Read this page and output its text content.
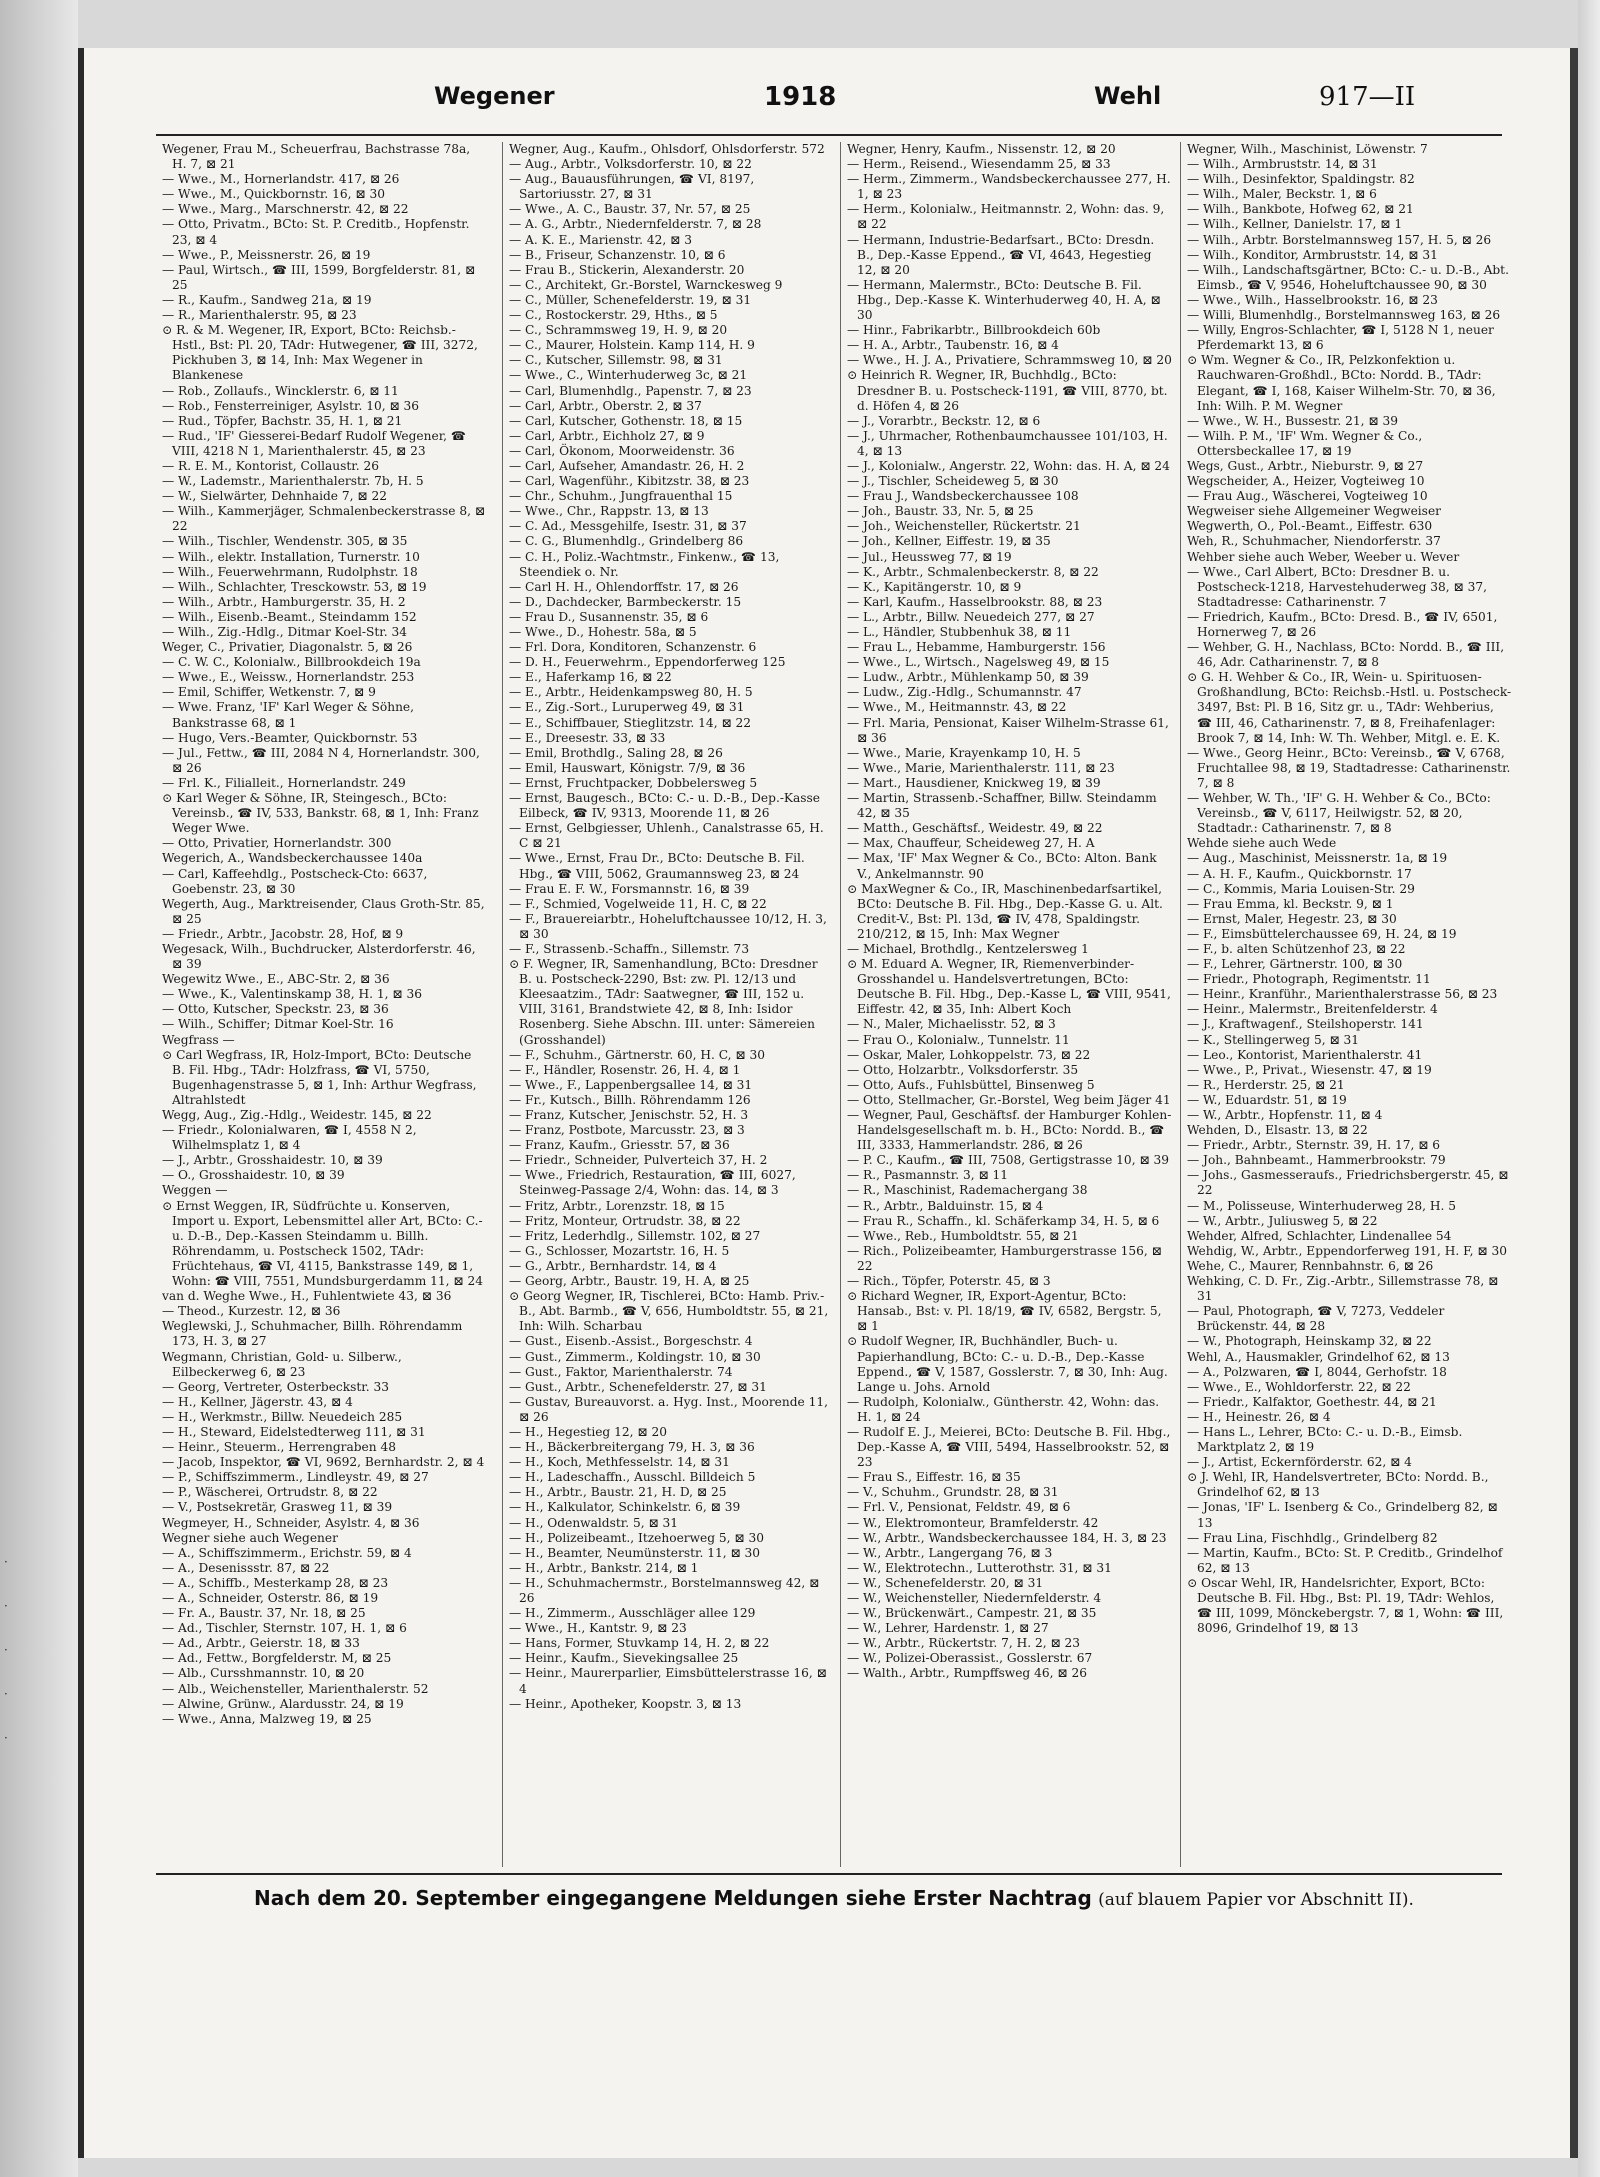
·
·
·
·
·
Wegener	1918	Wehl	917—II

Wegener, Frau M., Scheuerfrau, Bachstrasse 78a, H. 7, ⊠ 21

— Wwe., M., Hornerlandstr. 417, ⊠ 26

— Wwe., M., Quickbornstr. 16, ⊠ 30

— Wwe., Marg., Marschnerstr. 42, ⊠ 22

— Otto, Privatm., BCto: St. P. Creditb., Hopfenstr. 23, ⊠ 4

— Wwe., P., Meissnerstr. 26, ⊠ 19

— Paul, Wirtsch., ☎ III, 1599, Borgfelderstr. 81, ⊠ 25

— R., Kaufm., Sandweg 21a, ⊠ 19

— R., Marienthalerstr. 95, ⊠ 23

⊙ R. & M. Wegener, IR, Export, BCto: Reichsb.-Hstl., Bst: Pl. 20, TAdr: Hutwegener, ☎ III, 3272, Pickhuben 3, ⊠ 14, Inh: Max Wegener in Blankenese

— Rob., Zollaufs., Wincklerstr. 6, ⊠ 11

— Rob., Fensterreiniger, Asylstr. 10, ⊠ 36

— Rud., Töpfer, Bachstr. 35, H. 1, ⊠ 21

— Rud., 'IF' Giesserei-Bedarf Rudolf Wegener, ☎ VIII, 4218 N 1, Marienthalerstr. 45, ⊠ 23

— R. E. M., Kontorist, Collaustr. 26

— W., Lademstr., Marienthalerstr. 7b, H. 5

— W., Sielwärter, Dehnhaide 7, ⊠ 22

— Wilh., Kammerjäger, Schmalenbeckerstrasse 8, ⊠ 22

— Wilh., Tischler, Wendenstr. 305, ⊠ 35

— Wilh., elektr. Installation, Turnerstr. 10

— Wilh., Feuerwehrmann, Rudolphstr. 18

— Wilh., Schlachter, Tresckowstr. 53, ⊠ 19

— Wilh., Arbtr., Hamburgerstr. 35, H. 2

— Wilh., Eisenb.-Beamt., Steindamm 152

— Wilh., Zig.-Hdlg., Ditmar Koel-Str. 34

Weger, C., Privatier, Diagonalstr. 5, ⊠ 26

— C. W. C., Kolonialw., Billbrookdeich 19a

— Wwe., E., Weissw., Hornerlandstr. 253

— Emil, Schiffer, Wetkenstr. 7, ⊠ 9

— Wwe. Franz, 'IF' Karl Weger & Söhne, Bankstrasse 68, ⊠ 1

— Hugo, Vers.-Beamter, Quickbornstr. 53

— Jul., Fettw., ☎ III, 2084 N 4, Hornerlandstr. 300, ⊠ 26

— Frl. K., Filialleit., Hornerlandstr. 249

⊙ Karl Weger & Söhne, IR, Steingesch., BCto: Vereinsb., ☎ IV, 533, Bankstr. 68, ⊠ 1, Inh: Franz Weger Wwe.

— Otto, Privatier, Hornerlandstr. 300

Wegerich, A., Wandsbeckerchaussee 140a

— Carl, Kaffeehdlg., Postscheck-Cto: 6637, Goebenstr. 23, ⊠ 30

Wegerth, Aug., Marktreisender, Claus Groth-Str. 85, ⊠ 25

— Friedr., Arbtr., Jacobstr. 28, Hof, ⊠ 9

Wegesack, Wilh., Buchdrucker, Alsterdorferstr. 46, ⊠ 39

Wegewitz Wwe., E., ABC-Str. 2, ⊠ 36

— Wwe., K., Valentinskamp 38, H. 1, ⊠ 36

— Otto, Kutscher, Speckstr. 23, ⊠ 36

— Wilh., Schiffer; Ditmar Koel-Str. 16

Wegfrass —

⊙ Carl Wegfrass, IR, Holz-Import, BCto: Deutsche B. Fil. Hbg., TAdr: Holzfrass, ☎ VI, 5750, Bugenhagenstrasse 5, ⊠ 1, Inh: Arthur Wegfrass, Altrahlstedt

Wegg, Aug., Zig.-Hdlg., Weidestr. 145, ⊠ 22

— Friedr., Kolonialwaren, ☎ I, 4558 N 2, Wilhelmsplatz 1, ⊠ 4

— J., Arbtr., Grosshaidestr. 10, ⊠ 39

— O., Grosshaidestr. 10, ⊠ 39

Weggen —

⊙ Ernst Weggen, IR, Südfrüchte u. Konserven, Import u. Export, Lebensmittel aller Art, BCto: C.- u. D.-B., Dep.-Kassen Steindamm u. Billh. Röhrendamm, u. Postscheck 1502, TAdr: Früchtehaus, ☎ VI, 4115, Bankstrasse 149, ⊠ 1, Wohn: ☎ VIII, 7551, Mundsburgerdamm 11, ⊠ 24

van d. Weghe Wwe., H., Fuhlentwiete 43, ⊠ 36

— Theod., Kurzestr. 12, ⊠ 36

Weglewski, J., Schuhmacher, Billh. Röhrendamm 173, H. 3, ⊠ 27

Wegmann, Christian, Gold- u. Silberw., Eilbeckerweg 6, ⊠ 23

— Georg, Vertreter, Osterbeckstr. 33

— H., Kellner, Jägerstr. 43, ⊠ 4

— H., Werkmstr., Billw. Neuedeich 285

— H., Steward, Eidelstedterweg 111, ⊠ 31

— Heinr., Steuerm., Herrengraben 48

— Jacob, Inspektor, ☎ VI, 9692, Bernhardstr. 2, ⊠ 4

— P., Schiffszimmerm., Lindleystr. 49, ⊠ 27

— P., Wäscherei, Ortrudstr. 8, ⊠ 22

— V., Postsekretär, Grasweg 11, ⊠ 39

Wegmeyer, H., Schneider, Asylstr. 4, ⊠ 36

Wegner siehe auch Wegener

— A., Schiffszimmerm., Erichstr. 59, ⊠ 4

— A., Desenissstr. 87, ⊠ 22

— A., Schiffb., Mesterkamp 28, ⊠ 23

— A., Schneider, Osterstr. 86, ⊠ 19

— Fr. A., Baustr. 37, Nr. 18, ⊠ 25

— Ad., Tischler, Sternstr. 107, H. 1, ⊠ 6

— Ad., Arbtr., Geierstr. 18, ⊠ 33

— Ad., Fettw., Borgfelderstr. M, ⊠ 25

— Alb., Cursshmannstr. 10, ⊠ 20

— Alb., Weichensteller, Marienthalerstr. 52

— Alwine, Grünw., Alardusstr. 24, ⊠ 19

— Wwe., Anna, Malzweg 19, ⊠ 25

Wegner, Aug., Kaufm., Ohlsdorf, Ohlsdorferstr. 572

— Aug., Arbtr., Volksdorferstr. 10, ⊠ 22

— Aug., Bauausführungen, ☎ VI, 8197, Sartoriusstr. 27, ⊠ 31

— Wwe., A. C., Baustr. 37, Nr. 57, ⊠ 25

— A. G., Arbtr., Niedernfelderstr. 7, ⊠ 28

— A. K. E., Marienstr. 42, ⊠ 3

— B., Friseur, Schanzenstr. 10, ⊠ 6

— Frau B., Stickerin, Alexanderstr. 20

— C., Architekt, Gr.-Borstel, Warnckesweg 9

— C., Müller, Schenefelderstr. 19, ⊠ 31

— C., Rostockerstr. 29, Hths., ⊠ 5

— C., Schrammsweg 19, H. 9, ⊠ 20

— C., Maurer, Holstein. Kamp 114, H. 9

— C., Kutscher, Sillemstr. 98, ⊠ 31

— Wwe., C., Winterhuderweg 3c, ⊠ 21

— Carl, Blumenhdlg., Papenstr. 7, ⊠ 23

— Carl, Arbtr., Oberstr. 2, ⊠ 37

— Carl, Kutscher, Gothenstr. 18, ⊠ 15

— Carl, Arbtr., Eichholz 27, ⊠ 9

— Carl, Ökonom, Moorweidenstr. 36

— Carl, Aufseher, Amandastr. 26, H. 2

— Carl, Wagenführ., Kibitzstr. 38, ⊠ 23

— Chr., Schuhm., Jungfrauenthal 15

— Wwe., Chr., Rappstr. 13, ⊠ 13

— C. Ad., Messgehilfe, Isestr. 31, ⊠ 37

— C. G., Blumenhdlg., Grindelberg 86

— C. H., Poliz.-Wachtmstr., Finkenw., ☎ 13, Steendiek o. Nr.

— Carl H. H., Ohlendorffstr. 17, ⊠ 26

— D., Dachdecker, Barmbeckerstr. 15

— Frau D., Susannenstr. 35, ⊠ 6

— Wwe., D., Hohestr. 58a, ⊠ 5

— Frl. Dora, Konditoren, Schanzenstr. 6

— D. H., Feuerwehrm., Eppendorferweg 125

— E., Haferkamp 16, ⊠ 22

— E., Arbtr., Heidenkampsweg 80, H. 5

— E., Zig.-Sort., Luruperweg 49, ⊠ 31

— E., Schiffbauer, Stieglitzstr. 14, ⊠ 22

— E., Dreesestr. 33, ⊠ 33

— Emil, Brothdlg., Saling 28, ⊠ 26

— Emil, Hauswart, Königstr. 7/9, ⊠ 36

— Ernst, Fruchtpacker, Dobbelersweg 5

— Ernst, Baugesch., BCto: C.- u. D.-B., Dep.-Kasse Eilbeck, ☎ IV, 9313, Moorende 11, ⊠ 26

— Ernst, Gelbgiesser, Uhlenh., Canalstrasse 65, H. C ⊠ 21

— Wwe., Ernst, Frau Dr., BCto: Deutsche B. Fil. Hbg., ☎ VIII, 5062, Graumannsweg 23, ⊠ 24

— Frau E. F. W., Forsmannstr. 16, ⊠ 39

— F., Schmied, Vogelweide 11, H. C, ⊠ 22

— F., Brauereiarbtr., Hoheluftchaussee 10/12, H. 3, ⊠ 30

— F., Strassenb.-Schaffn., Sillemstr. 73

⊙ F. Wegner, IR, Samenhandlung, BCto: Dresdner B. u. Postscheck-2290, Bst: zw. Pl. 12/13 und Kleesaatzim., TAdr: Saatwegner, ☎ III, 152 u. VIII, 3161, Brandstwiete 42, ⊠ 8, Inh: Isidor Rosenberg. Siehe Abschn. III. unter: Sämereien (Grosshandel)

— F., Schuhm., Gärtnerstr. 60, H. C, ⊠ 30

— F., Händler, Rosenstr. 26, H. 4, ⊠ 1

— Wwe., F., Lappenbergsallee 14, ⊠ 31

— Fr., Kutsch., Billh. Röhrendamm 126

— Franz, Kutscher, Jenischstr. 52, H. 3

— Franz, Postbote, Marcusstr. 23, ⊠ 3

— Franz, Kaufm., Griesstr. 57, ⊠ 36

— Friedr., Schneider, Pulverteich 37, H. 2

— Wwe., Friedrich, Restauration, ☎ III, 6027, Steinweg-Passage 2/4, Wohn: das. 14, ⊠ 3

— Fritz, Arbtr., Lorenzstr. 18, ⊠ 15

— Fritz, Monteur, Ortrudstr. 38, ⊠ 22

— Fritz, Lederhdlg., Sillemstr. 102, ⊠ 27

— G., Schlosser, Mozartstr. 16, H. 5

— G., Arbtr., Bernhardstr. 14, ⊠ 4

— Georg, Arbtr., Baustr. 19, H. A, ⊠ 25

⊙ Georg Wegner, IR, Tischlerei, BCto: Hamb. Priv.-B., Abt. Barmb., ☎ V, 656, Humboldtstr. 55, ⊠ 21, Inh: Wilh. Scharbau

— Gust., Eisenb.-Assist., Borgeschstr. 4

— Gust., Zimmerm., Koldingstr. 10, ⊠ 30

— Gust., Faktor, Marienthalerstr. 74

— Gust., Arbtr., Schenefelderstr. 27, ⊠ 31

— Gustav, Bureauvorst. a. Hyg. Inst., Moorende 11, ⊠ 26

— H., Hegestieg 12, ⊠ 20

— H., Bäckerbreitergang 79, H. 3, ⊠ 36

— H., Koch, Methfesselstr. 14, ⊠ 31

— H., Ladeschaffn., Ausschl. Billdeich 5

— H., Arbtr., Baustr. 21, H. D, ⊠ 25

— H., Kalkulator, Schinkelstr. 6, ⊠ 39

— H., Odenwaldstr. 5, ⊠ 31

— H., Polizeibeamt., Itzehoerweg 5, ⊠ 30

— H., Beamter, Neumünsterstr. 11, ⊠ 30

— H., Arbtr., Bankstr. 214, ⊠ 1

— H., Schuhmachermstr., Borstelmannsweg 42, ⊠ 26

— H., Zimmerm., Ausschläger allee 129

— Wwe., H., Kantstr. 9, ⊠ 23

— Hans, Former, Stuvkamp 14, H. 2, ⊠ 22

— Heinr., Kaufm., Sievekingsallee 25

— Heinr., Maurerparlier, Eimsbüttelerstrasse 16, ⊠ 4

— Heinr., Apotheker, Koopstr. 3, ⊠ 13

Wegner, Henry, Kaufm., Nissenstr. 12, ⊠ 20

— Herm., Reisend., Wiesendamm 25, ⊠ 33

— Herm., Zimmerm., Wandsbeckerchaussee 277, H. 1, ⊠ 23

— Herm., Kolonialw., Heitmannstr. 2, Wohn: das. 9, ⊠ 22

— Hermann, Industrie-Bedarfsart., BCto: Dresdn. B., Dep.-Kasse Eppend., ☎ VI, 4643, Hegestieg 12, ⊠ 20

— Hermann, Malermstr., BCto: Deutsche B. Fil. Hbg., Dep.-Kasse K. Winterhuderweg 40, H. A, ⊠ 30

— Hinr., Fabrikarbtr., Billbrookdeich 60b

— H. A., Arbtr., Taubenstr. 16, ⊠ 4

— Wwe., H. J. A., Privatiere, Schrammsweg 10, ⊠ 20

⊙ Heinrich R. Wegner, IR, Buchhdlg., BCto: Dresdner B. u. Postscheck-1191, ☎ VIII, 8770, bt. d. Höfen 4, ⊠ 26

— J., Vorarbtr., Beckstr. 12, ⊠ 6

— J., Uhrmacher, Rothenbaumchaussee 101/103, H. 4, ⊠ 13

— J., Kolonialw., Angerstr. 22, Wohn: das. H. A, ⊠ 24

— J., Tischler, Scheideweg 5, ⊠ 30

— Frau J., Wandsbeckerchaussee 108

— Joh., Baustr. 33, Nr. 5, ⊠ 25

— Joh., Weichensteller, Rückertstr. 21

— Joh., Kellner, Eiffestr. 19, ⊠ 35

— Jul., Heussweg 77, ⊠ 19

— K., Arbtr., Schmalenbeckerstr. 8, ⊠ 22

— K., Kapitängerstr. 10, ⊠ 9

— Karl, Kaufm., Hasselbrookstr. 88, ⊠ 23

— L., Arbtr., Billw. Neuedeich 277, ⊠ 27

— L., Händler, Stubbenhuk 38, ⊠ 11

— Frau L., Hebamme, Hamburgerstr. 156

— Wwe., L., Wirtsch., Nagelsweg 49, ⊠ 15

— Ludw., Arbtr., Mühlenkamp 50, ⊠ 39

— Ludw., Zig.-Hdlg., Schumannstr. 47

— Wwe., M., Heitmannstr. 43, ⊠ 22

— Frl. Maria, Pensionat, Kaiser Wilhelm-Strasse 61, ⊠ 36

— Wwe., Marie, Krayenkamp 10, H. 5

— Wwe., Marie, Marienthalerstr. 111, ⊠ 23

— Mart., Hausdiener, Knickweg 19, ⊠ 39

— Martin, Strassenb.-Schaffner, Billw. Steindamm 42, ⊠ 35

— Matth., Geschäftsf., Weidestr. 49, ⊠ 22

— Max, Chauffeur, Scheideweg 27, H. A

— Max, 'IF' Max Wegner & Co., BCto: Alton. Bank V., Ankelmannstr. 90

⊙ MaxWegner & Co., IR, Maschinenbedarfsartikel, BCto: Deutsche B. Fil. Hbg., Dep.-Kasse G. u. Alt. Credit-V., Bst: Pl. 13d, ☎ IV, 478, Spaldingstr. 210/212, ⊠ 15, Inh: Max Wegner

— Michael, Brothdlg., Kentzelersweg 1

⊙ M. Eduard A. Wegner, IR, Riemenverbinder-Grosshandel u. Handelsvertretungen, BCto: Deutsche B. Fil. Hbg., Dep.-Kasse L, ☎ VIII, 9541, Eiffestr. 42, ⊠ 35, Inh: Albert Koch

— N., Maler, Michaelisstr. 52, ⊠ 3

— Frau O., Kolonialw., Tunnelstr. 11

— Oskar, Maler, Lohkoppelstr. 73, ⊠ 22

— Otto, Holzarbtr., Volksdorferstr. 35

— Otto, Aufs., Fuhlsbüttel, Binsenweg 5

— Otto, Stellmacher, Gr.-Borstel, Weg beim Jäger 41

— Wegner, Paul, Geschäftsf. der Hamburger Kohlen-Handelsgesellschaft m. b. H., BCto: Nordd. B., ☎ III, 3333, Hammerlandstr. 286, ⊠ 26

— P. C., Kaufm., ☎ III, 7508, Gertigstrasse 10, ⊠ 39

— R., Pasmannstr. 3, ⊠ 11

— R., Maschinist, Rademachergang 38

— R., Arbtr., Balduinstr. 15, ⊠ 4

— Frau R., Schaffn., kl. Schäferkamp 34, H. 5, ⊠ 6

— Wwe., Reb., Humboldtstr. 55, ⊠ 21

— Rich., Polizeibeamter, Hamburgerstrasse 156, ⊠ 22

— Rich., Töpfer, Poterstr. 45, ⊠ 3

⊙ Richard Wegner, IR, Export-Agentur, BCto: Hansab., Bst: v. Pl. 18/19, ☎ IV, 6582, Bergstr. 5, ⊠ 1

⊙ Rudolf Wegner, IR, Buchhändler, Buch- u. Papierhandlung, BCto: C.- u. D.-B., Dep.-Kasse Eppend., ☎ V, 1587, Gosslerstr. 7, ⊠ 30, Inh: Aug. Lange u. Johs. Arnold

— Rudolph, Kolonialw., Güntherstr. 42, Wohn: das. H. 1, ⊠ 24

— Rudolf E. J., Meierei, BCto: Deutsche B. Fil. Hbg., Dep.-Kasse A, ☎ VIII, 5494, Hasselbrookstr. 52, ⊠ 23

— Frau S., Eiffestr. 16, ⊠ 35

— V., Schuhm., Grundstr. 28, ⊠ 31

— Frl. V., Pensionat, Feldstr. 49, ⊠ 6

— W., Elektromonteur, Bramfelderstr. 42

— W., Arbtr., Wandsbeckerchaussee 184, H. 3, ⊠ 23

— W., Arbtr., Langergang 76, ⊠ 3

— W., Elektrotechn., Lutterothstr. 31, ⊠ 31

— W., Schenefelderstr. 20, ⊠ 31

— W., Weichensteller, Niedernfelderstr. 4

— W., Brückenwärt., Campestr. 21, ⊠ 35

— W., Lehrer, Hardenstr. 1, ⊠ 27

— W., Arbtr., Rückertstr. 7, H. 2, ⊠ 23

— W., Polizei-Oberassist., Gosslerstr. 67

— Walth., Arbtr., Rumpffsweg 46, ⊠ 26

Wegner, Wilh., Maschinist, Löwenstr. 7

— Wilh., Armbruststr. 14, ⊠ 31

— Wilh., Desinfektor, Spaldingstr. 82

— Wilh., Maler, Beckstr. 1, ⊠ 6

— Wilh., Bankbote, Hofweg 62, ⊠ 21

— Wilh., Kellner, Danielstr. 17, ⊠ 1

— Wilh., Arbtr. Borstelmannsweg 157, H. 5, ⊠ 26

— Wilh., Konditor, Armbruststr. 14, ⊠ 31

— Wilh., Landschaftsgärtner, BCto: C.- u. D.-B., Abt. Eimsb., ☎ V, 9546, Hoheluftchaussee 90, ⊠ 30

— Wwe., Wilh., Hasselbrookstr. 16, ⊠ 23

— Willi, Blumenhdlg., Borstelmannsweg 163, ⊠ 26

— Willy, Engros-Schlachter, ☎ I, 5128 N 1, neuer Pferdemarkt 13, ⊠ 6

⊙ Wm. Wegner & Co., IR, Pelzkonfektion u. Rauchwaren-Großhdl., BCto: Nordd. B., TAdr: Elegant, ☎ I, 168, Kaiser Wilhelm-Str. 70, ⊠ 36, Inh: Wilh. P. M. Wegner

— Wwe., W. H., Bussestr. 21, ⊠ 39

— Wilh. P. M., 'IF' Wm. Wegner & Co., Ottersbeckallee 17, ⊠ 19

Wegs, Gust., Arbtr., Nieburstr. 9, ⊠ 27

Wegscheider, A., Heizer, Vogteiweg 10

— Frau Aug., Wäscherei, Vogteiweg 10

Wegweiser siehe Allgemeiner Wegweiser

Wegwerth, O., Pol.-Beamt., Eiffestr. 630

Weh, R., Schuhmacher, Niendorferstr. 37

Wehber siehe auch Weber, Weeber u. Wever

— Wwe., Carl Albert, BCto: Dresdner B. u. Postscheck-1218, Harvestehuderweg 38, ⊠ 37, Stadtadresse: Catharinenstr. 7

— Friedrich, Kaufm., BCto: Dresd. B., ☎ IV, 6501, Hornerweg 7, ⊠ 26

— Wehber, G. H., Nachlass, BCto: Nordd. B., ☎ III, 46, Adr. Catharinenstr. 7, ⊠ 8

⊙ G. H. Wehber & Co., IR, Wein- u. Spirituosen-Großhandlung, BCto: Reichsb.-Hstl. u. Postscheck-3497, Bst: Pl. B 16, Sitz gr. u., TAdr: Wehberius, ☎ III, 46, Catharinenstr. 7, ⊠ 8, Freihafenlager: Brook 7, ⊠ 14, Inh: W. Th. Wehber, Mitgl. e. E. K.

— Wwe., Georg Heinr., BCto: Vereinsb., ☎ V, 6768, Fruchtallee 98, ⊠ 19, Stadtadresse: Catharinenstr. 7, ⊠ 8

— Wehber, W. Th., 'IF' G. H. Wehber & Co., BCto: Vereinsb., ☎ V, 6117, Heilwigstr. 52, ⊠ 20, Stadtadr.: Catharinenstr. 7, ⊠ 8

Wehde siehe auch Wede

— Aug., Maschinist, Meissnerstr. 1a, ⊠ 19

— A. H. F., Kaufm., Quickbornstr. 17

— C., Kommis, Maria Louisen-Str. 29

— Frau Emma, kl. Beckstr. 9, ⊠ 1

— Ernst, Maler, Hegestr. 23, ⊠ 30

— F., Eimsbüttelerchaussee 69, H. 24, ⊠ 19

— F., b. alten Schützenhof 23, ⊠ 22

— F., Lehrer, Gärtnerstr. 100, ⊠ 30

— Friedr., Photograph, Regimentstr. 11

— Heinr., Kranführ., Marienthalerstrasse 56, ⊠ 23

— Heinr., Malermstr., Breitenfelderstr. 4

— J., Kraftwagenf., Steilshoperstr. 141

— K., Stellingerweg 5, ⊠ 31

— Leo., Kontorist, Marienthalerstr. 41

— Wwe., P., Privat., Wiesenstr. 47, ⊠ 19

— R., Herderstr. 25, ⊠ 21

— W., Eduardstr. 51, ⊠ 19

— W., Arbtr., Hopfenstr. 11, ⊠ 4

Wehden, D., Elsastr. 13, ⊠ 22

— Friedr., Arbtr., Sternstr. 39, H. 17, ⊠ 6

— Joh., Bahnbeamt., Hammerbrookstr. 79

— Johs., Gasmesseraufs., Friedrichsbergerstr. 45, ⊠ 22

— M., Polisseuse, Winterhuderweg 28, H. 5

— W., Arbtr., Juliusweg 5, ⊠ 22

Wehder, Alfred, Schlachter, Lindenallee 54

Wehdig, W., Arbtr., Eppendorferweg 191, H. F, ⊠ 30

Wehe, C., Maurer, Rennbahnstr. 6, ⊠ 26

Wehking, C. D. Fr., Zig.-Arbtr., Sillemstrasse 78, ⊠ 31

— Paul, Photograph, ☎ V, 7273, Veddeler Brückenstr. 44, ⊠ 28

— W., Photograph, Heinskamp 32, ⊠ 22

Wehl, A., Hausmakler, Grindelhof 62, ⊠ 13

— A., Polzwaren, ☎ I, 8044, Gerhofstr. 18

— Wwe., E., Wohldorferstr. 22, ⊠ 22

— Friedr., Kalfaktor, Goethestr. 44, ⊠ 21

— H., Heinestr. 26, ⊠ 4

— Hans L., Lehrer, BCto: C.- u. D.-B., Eimsb. Marktplatz 2, ⊠ 19

— J., Artist, Eckernförderstr. 62, ⊠ 4

⊙ J. Wehl, IR, Handelsvertreter, BCto: Nordd. B., Grindelhof 62, ⊠ 13

— Jonas, 'IF' L. Isenberg & Co., Grindelberg 82, ⊠ 13

— Frau Lina, Fischhdlg., Grindelberg 82

— Martin, Kaufm., BCto: St. P. Creditb., Grindelhof 62, ⊠ 13

⊙ Oscar Wehl, IR, Handelsrichter, Export, BCto: Deutsche B. Fil. Hbg., Bst: Pl. 19, TAdr: Wehlos, ☎ III, 1099, Mönckebergstr. 7, ⊠ 1, Wohn: ☎ III, 8096, Grindelhof 19, ⊠ 13

Nach dem 20. September eingegangene Meldungen siehe Erster Nachtrag (auf blauem Papier vor Abschnitt II).
